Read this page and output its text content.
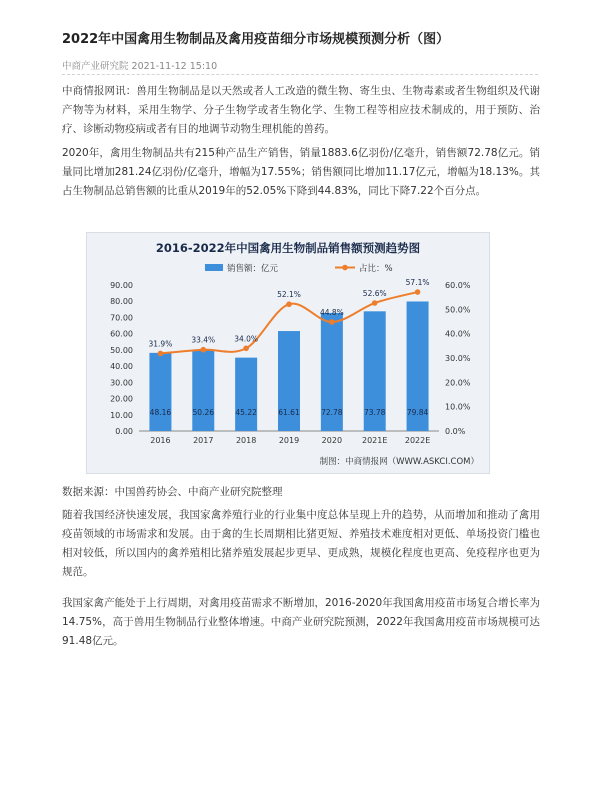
2022年中国禽用生物制品及禽用疫苗细分市场规模预测分析（图）
中商产业研究院 2021-11-12 15:10

中商情报网讯：兽用生物制品是以天然或者人工改造的微生物、寄生虫、生物毒素或者生物组织及代谢产物等为材料，采用生物学、分子生物学或者生物化学、生物工程等相应技术制成的，用于预防、治疗、诊断动物疫病或者有目的地调节动物生理机能的兽药。

2020年，禽用生物制品共有215种产品生产销售，销量1883.6亿羽份/亿毫升，销售额72.78亿元。销量同比增加281.24亿羽份/亿毫升，增幅为17.55%；销售额同比增加11.17亿元，增幅为18.13%。其占生物制品总销售额的比重从2019年的52.05%下降到44.83%，同比下降7.22个百分点。

2016-2022年中国禽用生物制品销售额预测趋势图
销售额：亿元	占比：%
0.00
10.00
20.00
30.00
40.00
50.00
60.00
70.00
80.00
90.00
0.0%
10.0%
20.0%
30.0%
40.0%
50.0%
60.0%
48.16	50.26	45.22	61.61	72.78	73.78	79.84
31.9%	33.4%	34.0%
52.1%
44.8%
52.6%
57.1%
2016	2017	2018	2019	2020 2021E 2022E
制图：中商情报网（WWW.ASKCI.COM）
数据来源：中国兽药协会、中商产业研究院整理

随着我国经济快速发展，我国家禽养殖行业的行业集中度总体呈现上升的趋势，从而增加和推动了禽用疫苗领域的市场需求和发展。由于禽的生长周期相比猪更短、养殖技术难度相对更低、单场投资门槛也相对较低，所以国内的禽养殖相比猪养殖发展起步更早、更成熟，规模化程度也更高、免疫程序也更为规范。

我国家禽产能处于上行周期，对禽用疫苗需求不断增加，2016-2020年我国禽用疫苗市场复合增长率为14.75%，高于兽用生物制品行业整体增速。中商产业研究院预测，2022年我国禽用疫苗市场规模可达91.48亿元。
